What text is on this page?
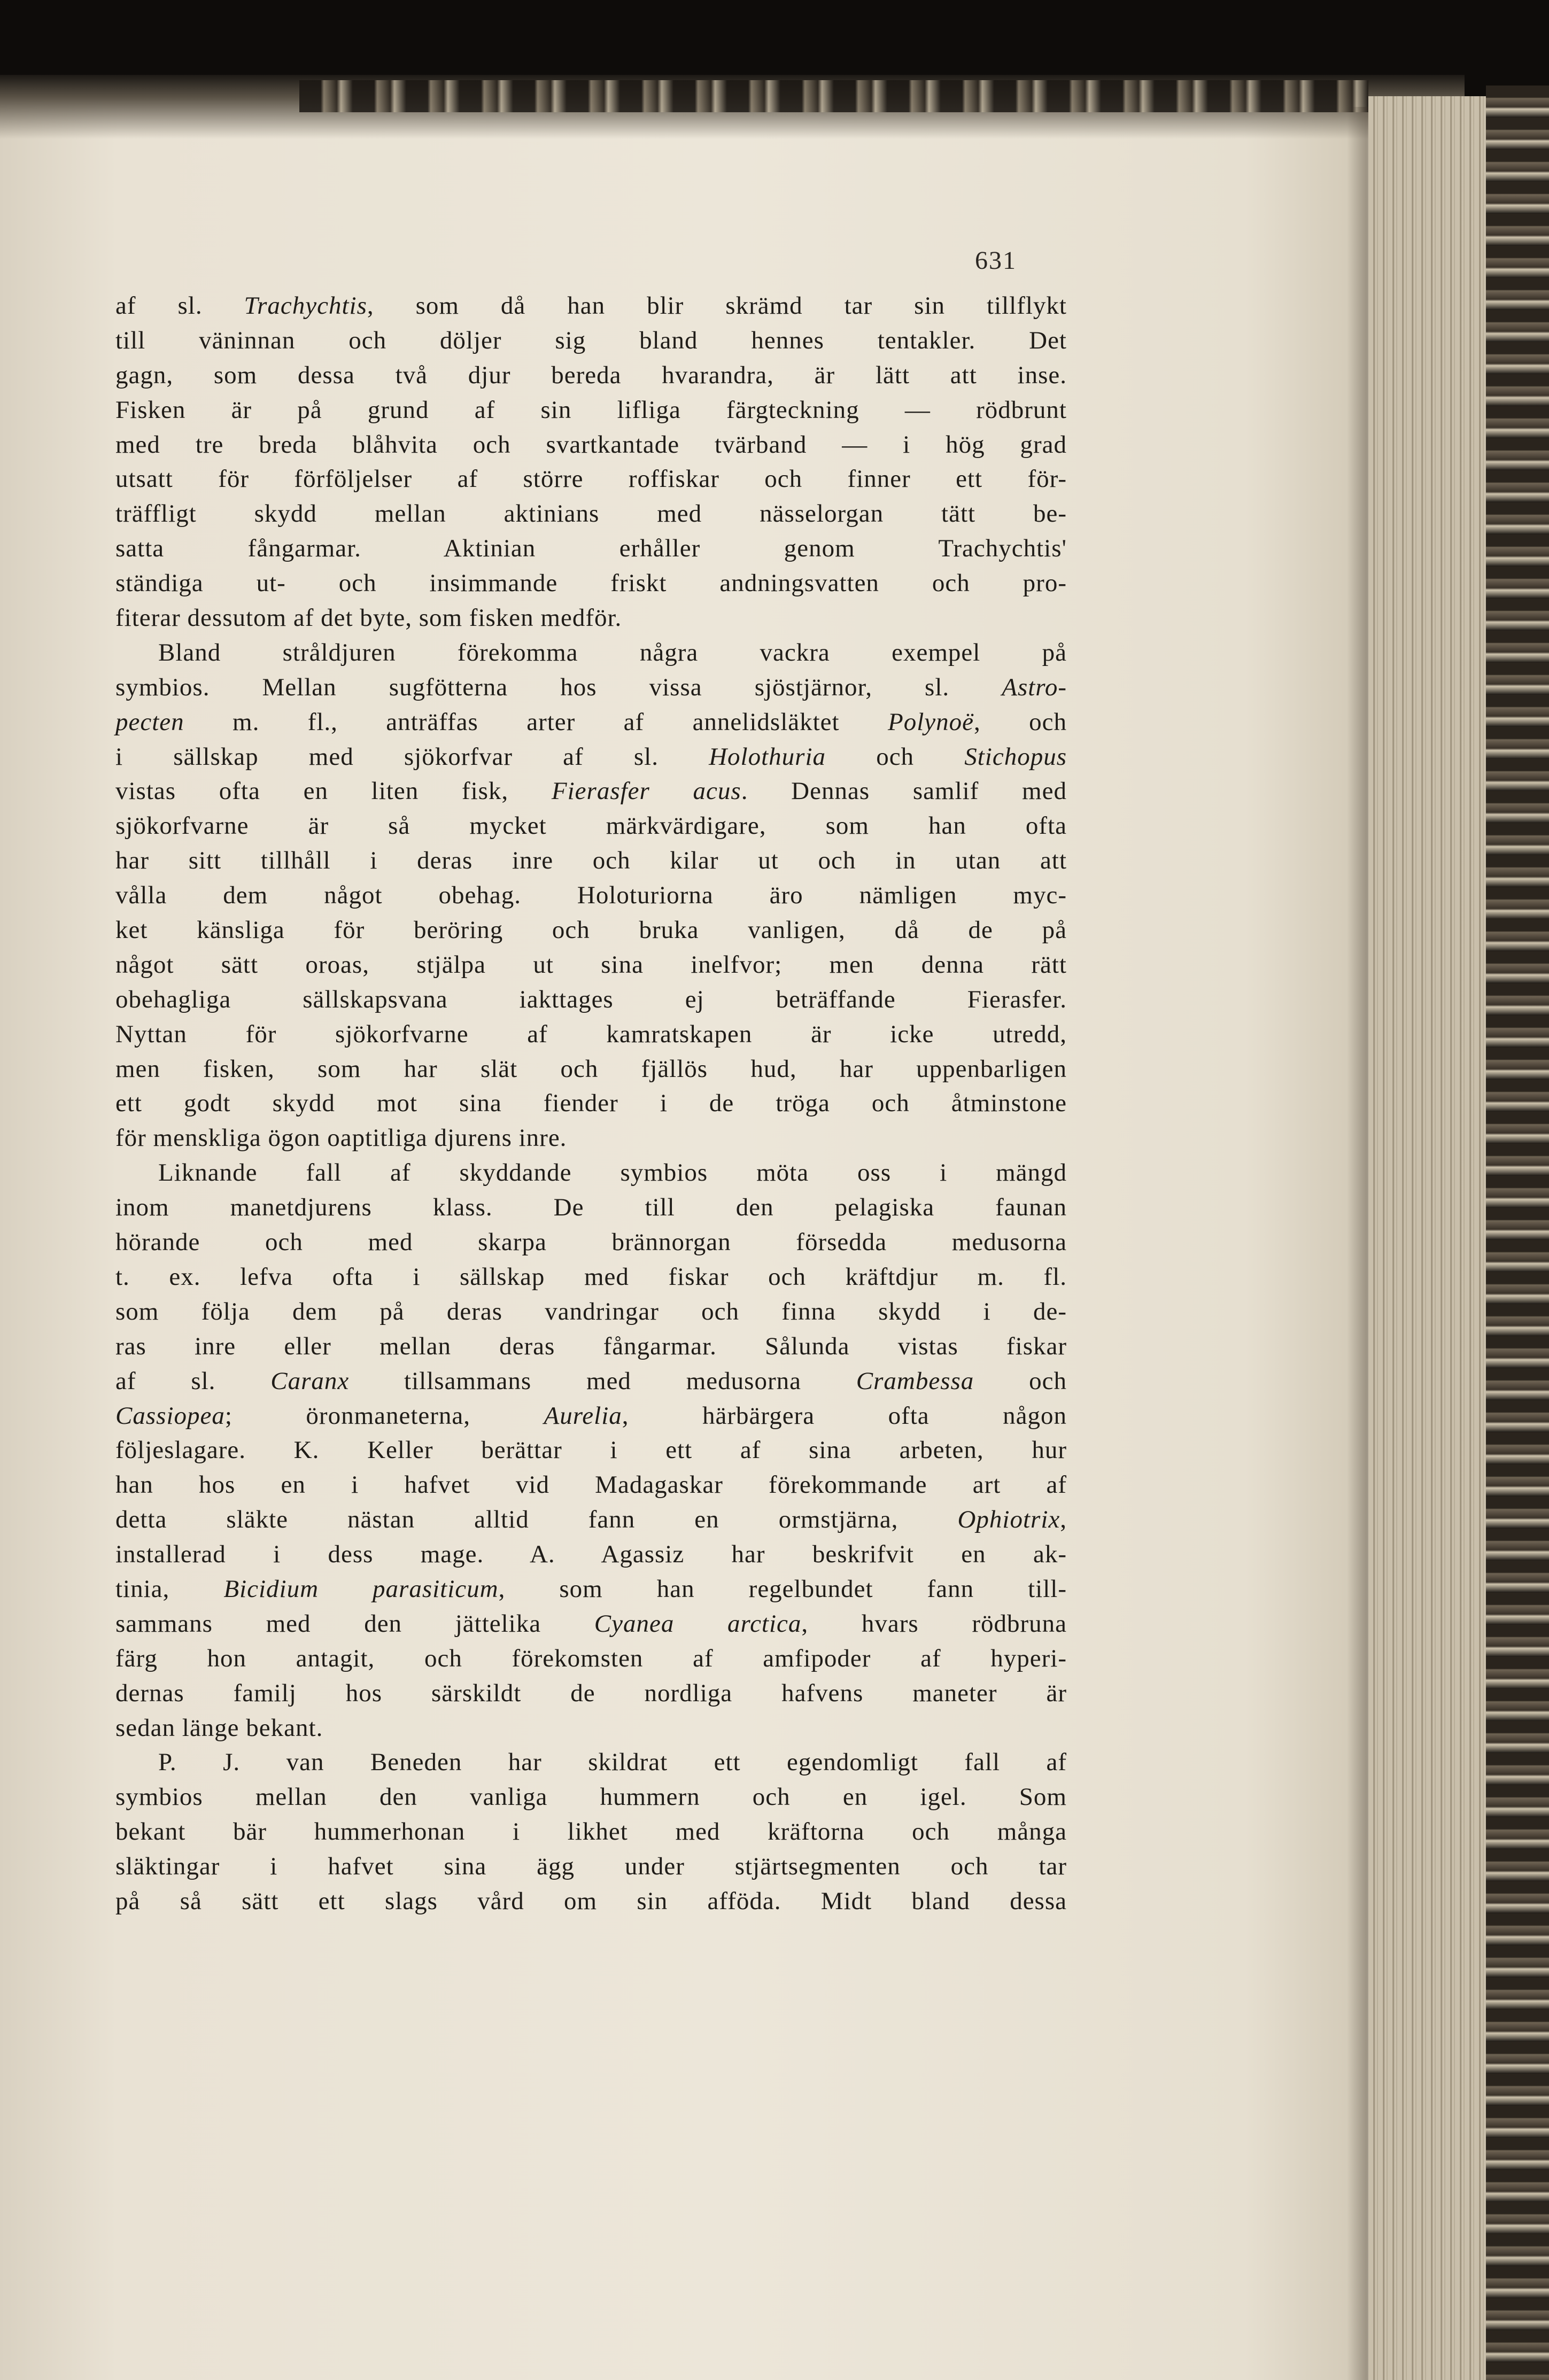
631
af sl. Trachychtis, som då han blir skrämd tar sin tillflykt
till väninnan och döljer sig bland hennes tentakler. Det
gagn, som dessa två djur bereda hvarandra, är lätt att inse.
Fisken är på grund af sin lifliga färgteckning — rödbrunt
med tre breda blåhvita och svartkantade tvärband — i hög grad
utsatt för förföljelser af större roffiskar och finner ett för-
träffligt skydd mellan aktinians med nässelorgan tätt be-
satta fångarmar. Aktinian erhåller genom Trachychtis'
ständiga ut- och insimmande friskt andningsvatten och pro-
fiterar dessutom af det byte, som fisken medför.
Bland stråldjuren förekomma några vackra exempel på
symbios. Mellan sugfötterna hos vissa sjöstjärnor, sl. Astro-
pecten m. fl., anträffas arter af annelidsläktet Polynoë, och
i sällskap med sjökorfvar af sl. Holothuria och Stichopus
vistas ofta en liten fisk, Fierasfer acus. Dennas samlif med
sjökorfvarne är så mycket märkvärdigare, som han ofta
har sitt tillhåll i deras inre och kilar ut och in utan att
vålla dem något obehag. Holoturiorna äro nämligen myc-
ket känsliga för beröring och bruka vanligen, då de på
något sätt oroas, stjälpa ut sina inelfvor; men denna rätt
obehagliga sällskapsvana iakttages ej beträffande Fierasfer.
Nyttan för sjökorfvarne af kamratskapen är icke utredd,
men fisken, som har slät och fjällös hud, har uppenbarligen
ett godt skydd mot sina fiender i de tröga och åtminstone
för menskliga ögon oaptitliga djurens inre.
Liknande fall af skyddande symbios möta oss i mängd
inom manetdjurens klass. De till den pelagiska faunan
hörande och med skarpa brännorgan försedda medusorna
t. ex. lefva ofta i sällskap med fiskar och kräftdjur m. fl.
som följa dem på deras vandringar och finna skydd i de-
ras inre eller mellan deras fångarmar. Sålunda vistas fiskar
af sl. Caranx tillsammans med medusorna Crambessa och
Cassiopea; öronmaneterna, Aurelia, härbärgera ofta någon
följeslagare. K. Keller berättar i ett af sina arbeten, hur
han hos en i hafvet vid Madagaskar förekommande art af
detta släkte nästan alltid fann en ormstjärna, Ophiotrix,
installerad i dess mage. A. Agassiz har beskrifvit en ak-
tinia, Bicidium parasiticum, som han regelbundet fann till-
sammans med den jättelika Cyanea arctica, hvars rödbruna
färg hon antagit, och förekomsten af amfipoder af hyperi-
dernas familj hos särskildt de nordliga hafvens maneter är
sedan länge bekant.
P. J. van Beneden har skildrat ett egendomligt fall af
symbios mellan den vanliga hummern och en igel. Som
bekant bär hummerhonan i likhet med kräftorna och många
släktingar i hafvet sina ägg under stjärtsegmenten och tar
på så sätt ett slags vård om sin afföda. Midt bland dessa
